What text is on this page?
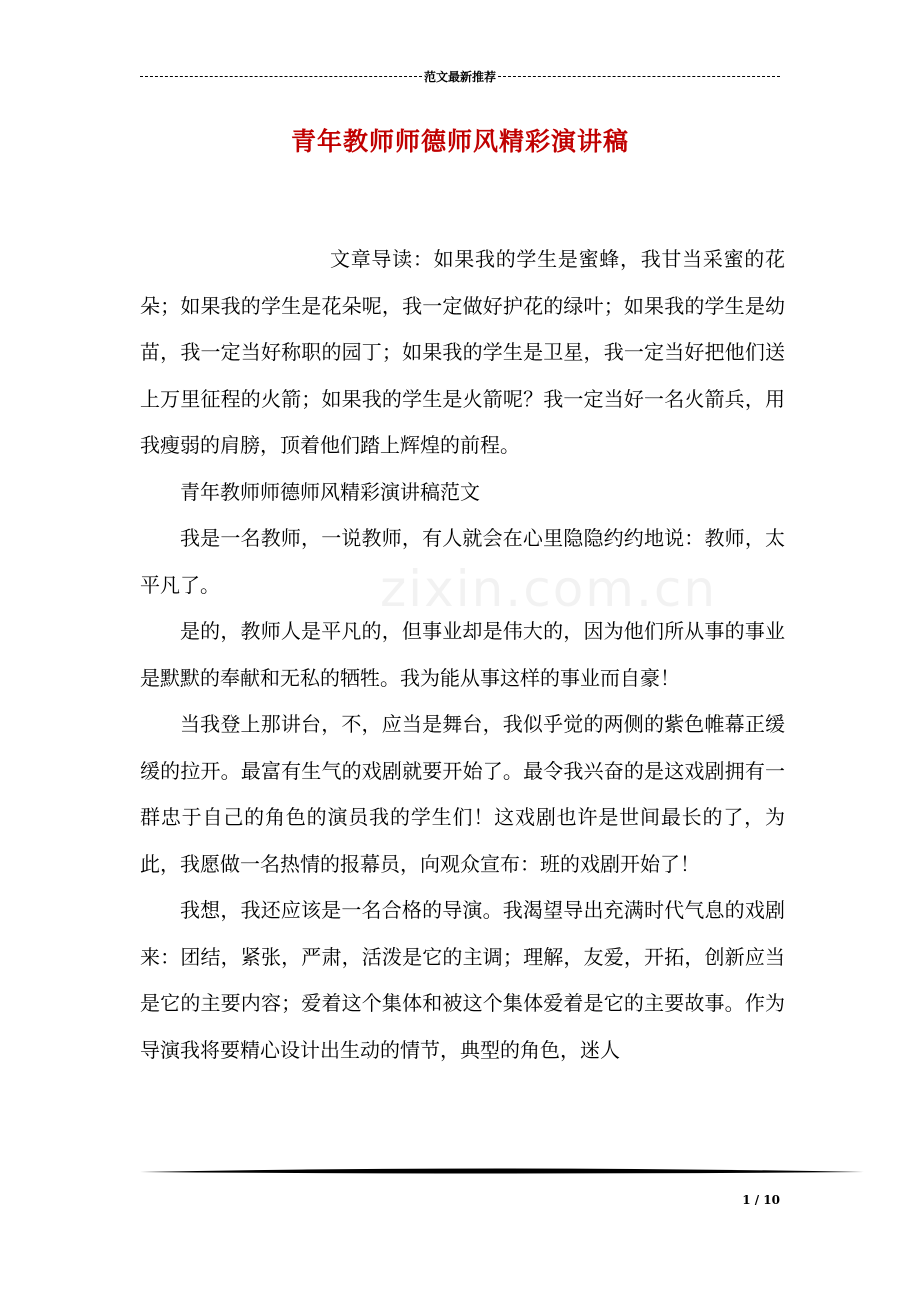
范文最新推荐
青年教师师德师风精彩演讲稿
zixin.com.cn

文章导读：如果我的学生是蜜蜂，我甘当采蜜的花朵；如果我的学生是花朵呢，我一定做好护花的绿叶；如果我的学生是幼苗，我一定当好称职的园丁；如果我的学生是卫星，我一定当好把他们送上万里征程的火箭；如果我的学生是火箭呢？我一定当好一名火箭兵，用我瘦弱的肩膀，顶着他们踏上辉煌的前程。

青年教师师德师风精彩演讲稿范文

我是一名教师，一说教师，有人就会在心里隐隐约约地说：教师，太平凡了。

是的，教师人是平凡的，但事业却是伟大的，因为他们所从事的事业是默默的奉献和无私的牺牲。我为能从事这样的事业而自豪！

当我登上那讲台，不，应当是舞台，我似乎觉的两侧的紫色帷幕正缓缓的拉开。最富有生气的戏剧就要开始了。最令我兴奋的是这戏剧拥有一群忠于自己的角色的演员我的学生们！这戏剧也许是世间最长的了，为此，我愿做一名热情的报幕员，向观众宣布：班的戏剧开始了！

我想，我还应该是一名合格的导演。我渴望导出充满时代气息的戏剧来：团结，紧张，严肃，活泼是它的主调；理解，友爱，开拓，创新应当是它的主要内容；爱着这个集体和被这个集体爱着是它的主要故事。作为导演我将要精心设计出生动的情节，典型的角色，迷人

1 / 10
